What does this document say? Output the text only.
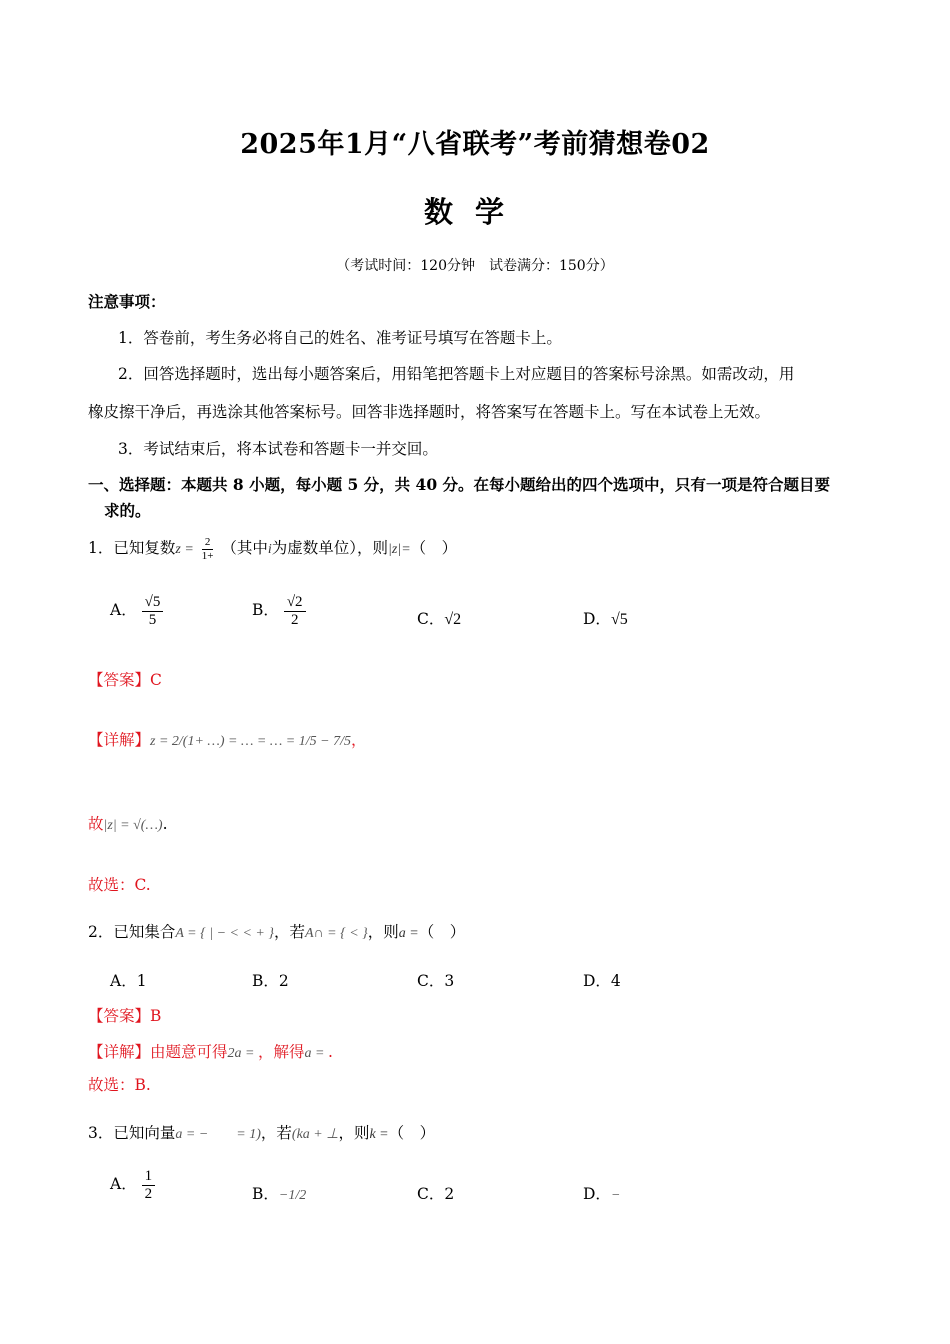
2025年1月“八省联考”考前猜想卷02
数学
（考试时间：120分钟　试卷满分：150分）
注意事项：
1．答卷前，考生务必将自己的姓名、准考证号填写在答题卡上。
2．回答选择题时，选出每小题答案后，用铅笔把答题卡上对应题目的答案标号涂黑。如需改动，用
橡皮擦干净后，再选涂其他答案标号。回答非选择题时，将答案写在答题卡上。写在本试卷上无效。
3．考试结束后，将本试卷和答题卡一并交回。
一、选择题：本题共 8 小题，每小题 5 分，共 40 分。在每小题给出的四个选项中，只有一项是符合题目要
求的。
1．已知复数$z = \frac{2}{1+}$ （其中i为虚数单位），则|z|=（　）
A． $\frac{√5}{5}$	B． $\frac{√2}{2}$	C．√2	D．√5
【答案】C
【详解】z = 2/(1+ …) = … = … = 1/5 − 7/5，
故|z| = √(…).
故选：C.
2．已知集合A = { | − < < + }，若A∩ = { < }，则a =（　）
A．1	B．2	C．3	D．4
【答案】B
【详解】由题意可得2a = ，解得a = .
故选：B.
3．已知向量a = −　　= 1)，若(ka + ⊥，则k =（　）
A． $\frac{1}{2}$	B．−1/2	C．2	D．−
